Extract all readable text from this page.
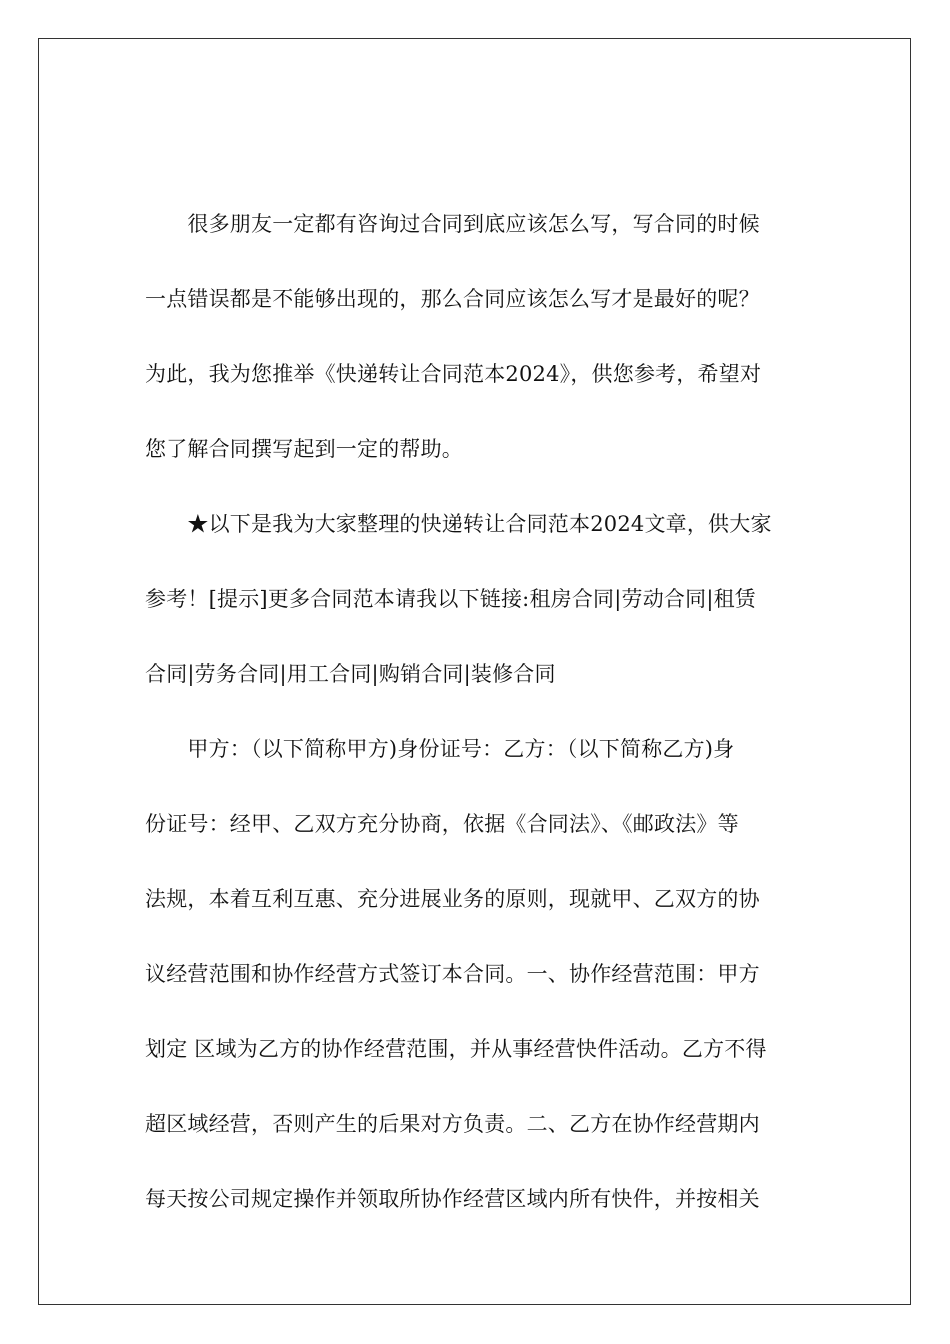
　　很多朋友一定都有咨询过合同到底应该怎么写，写合同的时候
一点错误都是不能够出现的，那么合同应该怎么写才是最好的呢？
为此，我为您推举《快递转让合同范本2024》，供您参考，希望对
您了解合同撰写起到一定的帮助。
　　★以下是我为大家整理的快递转让合同范本2024文章，供大家
参考！[提示]更多合同范本请我以下链接:租房合同|劳动合同|租赁
合同|劳务合同|用工合同|购销合同|装修合同
　　甲方：（以下简称甲方)身份证号：乙方：（以下简称乙方)身
份证号：经甲、乙双方充分协商，依据《合同法》、《邮政法》等
法规，本着互利互惠、充分进展业务的原则，现就甲、乙双方的协
议经营范围和协作经营方式签订本合同。一、协作经营范围：甲方
划定 区域为乙方的协作经营范围，并从事经营快件活动。乙方不得
超区域经营，否则产生的后果对方负责。二、乙方在协作经营期内
每天按公司规定操作并领取所协作经营区域内所有快件，并按相关
